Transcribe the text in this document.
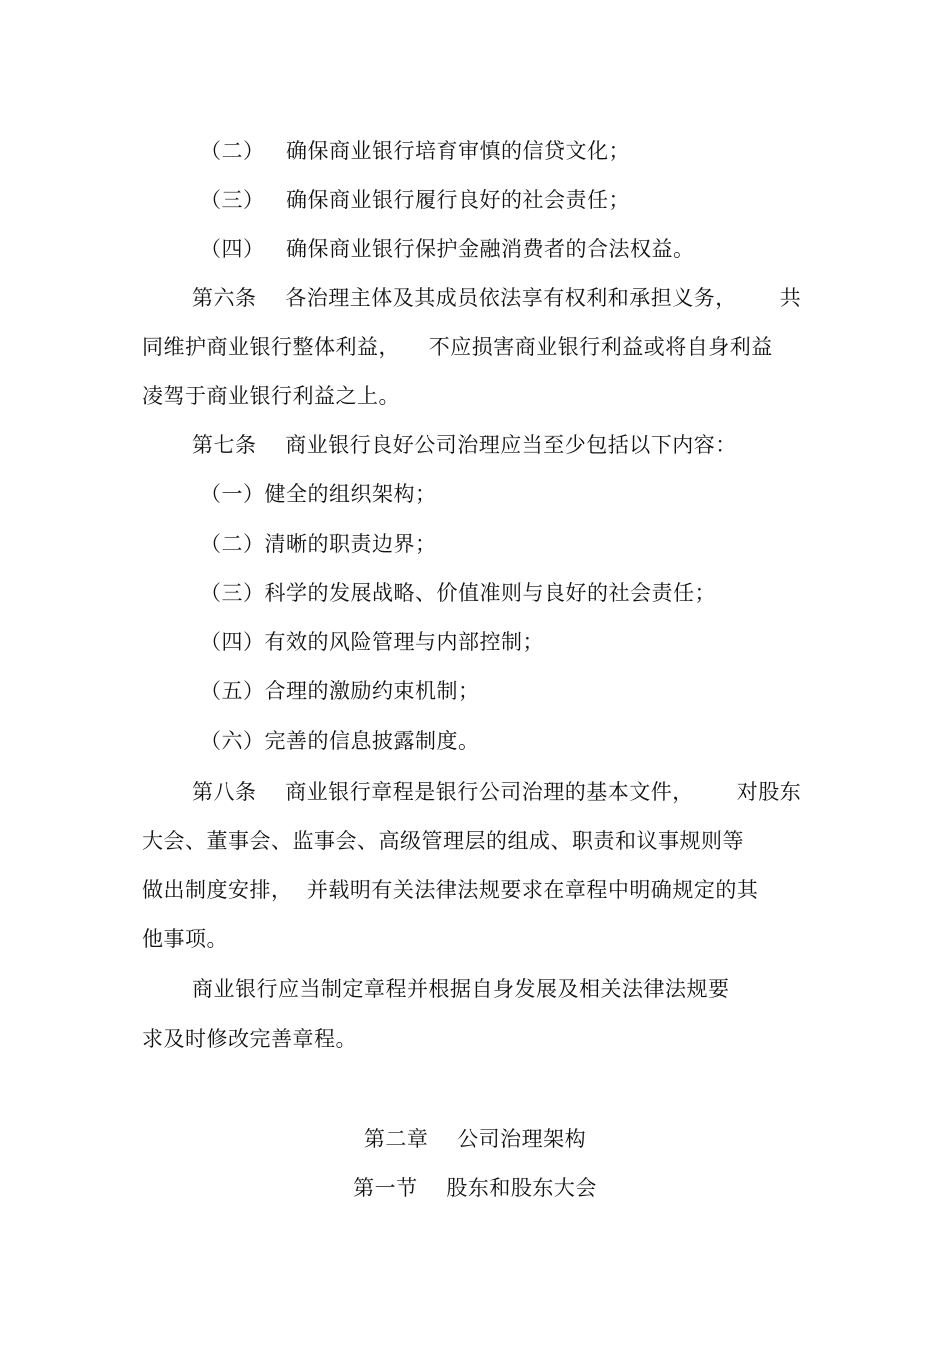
（二）   确保商业银行培育审慎的信贷文化；
（三）   确保商业银行履行良好的社会责任；
（四）   确保商业银行保护金融消费者的合法权益。
第六条    各治理主体及其成员依法享有权利和承担义务，      共
同维护商业银行整体利益，    不应损害商业银行利益或将自身利益
凌驾于商业银行利益之上。
第七条    商业银行良好公司治理应当至少包括以下内容：
（一）健全的组织架构；
（二）清晰的职责边界；
（三）科学的发展战略、价值准则与良好的社会责任；
（四）有效的风险管理与内部控制；
（五）合理的激励约束机制；
（六）完善的信息披露制度。
第八条    商业银行章程是银行公司治理的基本文件，      对股东
大会、董事会、监事会、高级管理层的组成、职责和议事规则等
做出制度安排，  并载明有关法律法规要求在章程中明确规定的其
他事项。
商业银行应当制定章程并根据自身发展及相关法律法规要
求及时修改完善章程。
第二章    公司治理架构
第一节    股东和股东大会
